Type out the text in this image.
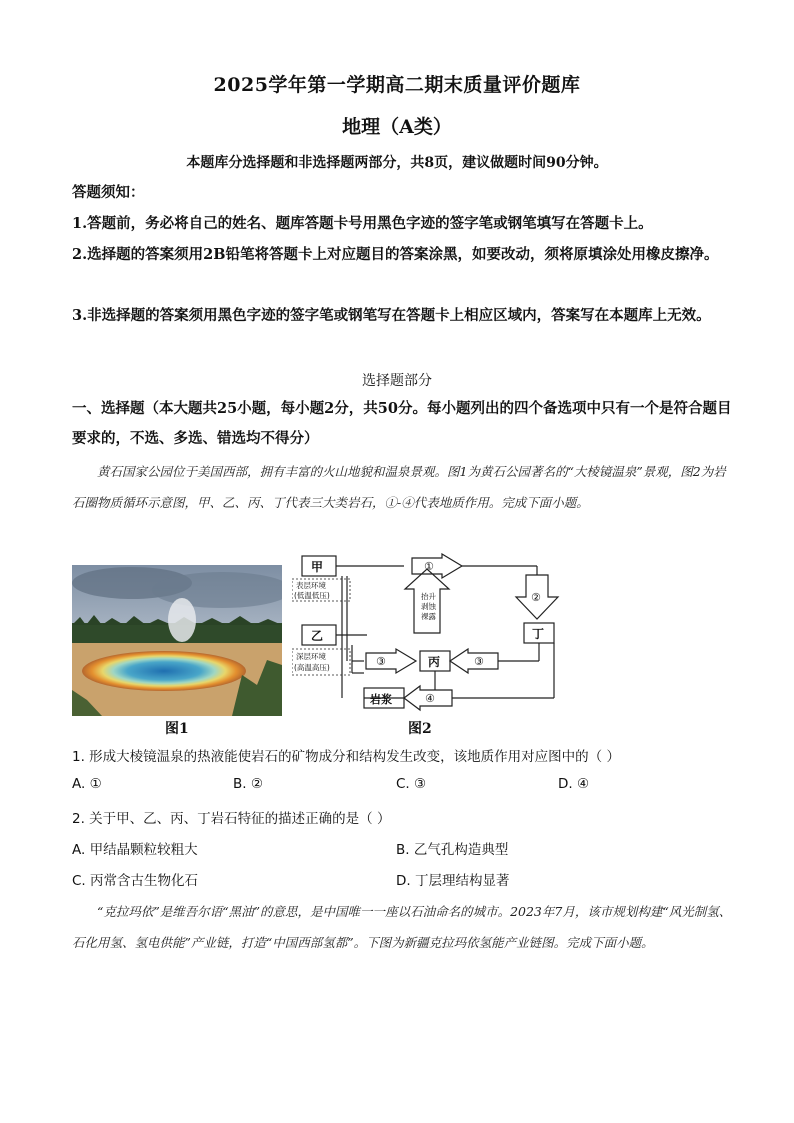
2025学年第一学期高二期末质量评价题库
地理（A类）
本题库分选择题和非选择题两部分，共8页，建议做题时间90分钟。
答题须知：
1.答题前，务必将自己的姓名、题库答题卡号用黑色字迹的签字笔或钢笔填写在答题卡上。
2.选择题的答案须用2B铅笔将答题卡上对应题目的答案涂黑，如要改动，须将原填涂处用橡皮擦净。
3.非选择题的答案须用黑色字迹的签字笔或钢笔写在答题卡上相应区域内，答案写在本题库上无效。
选择题部分
一、选择题（本大题共25小题，每小题2分，共50分。每小题列出的四个备选项中只有一个是符合题目要求的，不选、多选、错选均不得分）
黄石国家公园位于美国西部，拥有丰富的火山地貌和温泉景观。图1为黄石公园著名的“大棱镜温泉”景观，图2为岩石圈物质循环示意图，甲、乙、丙、丁代表三大类岩石，①-④代表地质作用。完成下面小题。
图1
甲
乙
丙
丁
岩浆
表层环境
(低温低压)
深层环境
(高温高压)
抬升
剥蚀
裸露
①
②
③	③
④
图2
1. 形成大棱镜温泉的热液能使岩石的矿物成分和结构发生改变，该地质作用对应图中的（ ）
A. ①	B. ②	C. ③	D. ④
2. 关于甲、乙、丙、丁岩石特征的描述正确的是（ ）
A. 甲结晶颗粒较粗大	B. 乙气孔构造典型
C. 丙常含古生物化石	D. 丁层理结构显著
“克拉玛依”是维吾尔语“黑油”的意思，是中国唯一一座以石油命名的城市。2023年7月，该市规划构建“风光制氢、石化用氢、氢电供能”产业链，打造“中国西部氢都”。下图为新疆克拉玛依氢能产业链图。完成下面小题。
